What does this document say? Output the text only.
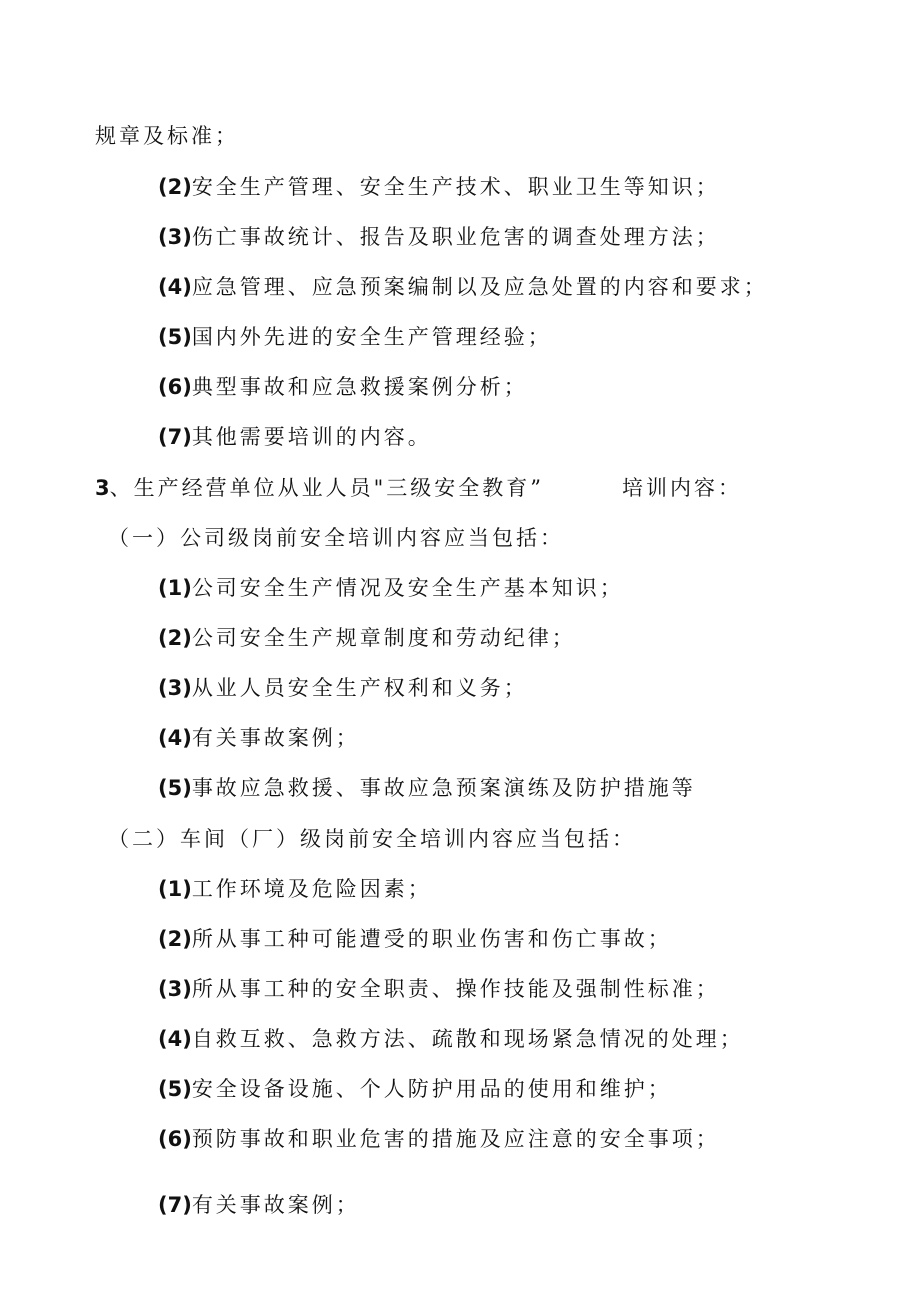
规章及标准；
(2)安全生产管理、安全生产技术、职业卫生等知识；
(3)伤亡事故统计、报告及职业危害的调查处理方法；
(4)应急管理、应急预案编制以及应急处置的内容和要求；
(5)国内外先进的安全生产管理经验；
(6)典型事故和应急救援案例分析；
(7)其他需要培训的内容。
3、生产经营单位从业人员"三级安全教育”	培训内容：
（一）公司级岗前安全培训内容应当包括：
(1)公司安全生产情况及安全生产基本知识；
(2)公司安全生产规章制度和劳动纪律；
(3)从业人员安全生产权利和义务；
(4)有关事故案例；
(5)事故应急救援、事故应急预案演练及防护措施等
（二）车间（厂）级岗前安全培训内容应当包括：
(1)工作环境及危险因素；
(2)所从事工种可能遭受的职业伤害和伤亡事故；
(3)所从事工种的安全职责、操作技能及强制性标准；
(4)自救互救、急救方法、疏散和现场紧急情况的处理；
(5)安全设备设施、个人防护用品的使用和维护；
(6)预防事故和职业危害的措施及应注意的安全事项；
(7)有关事故案例；
